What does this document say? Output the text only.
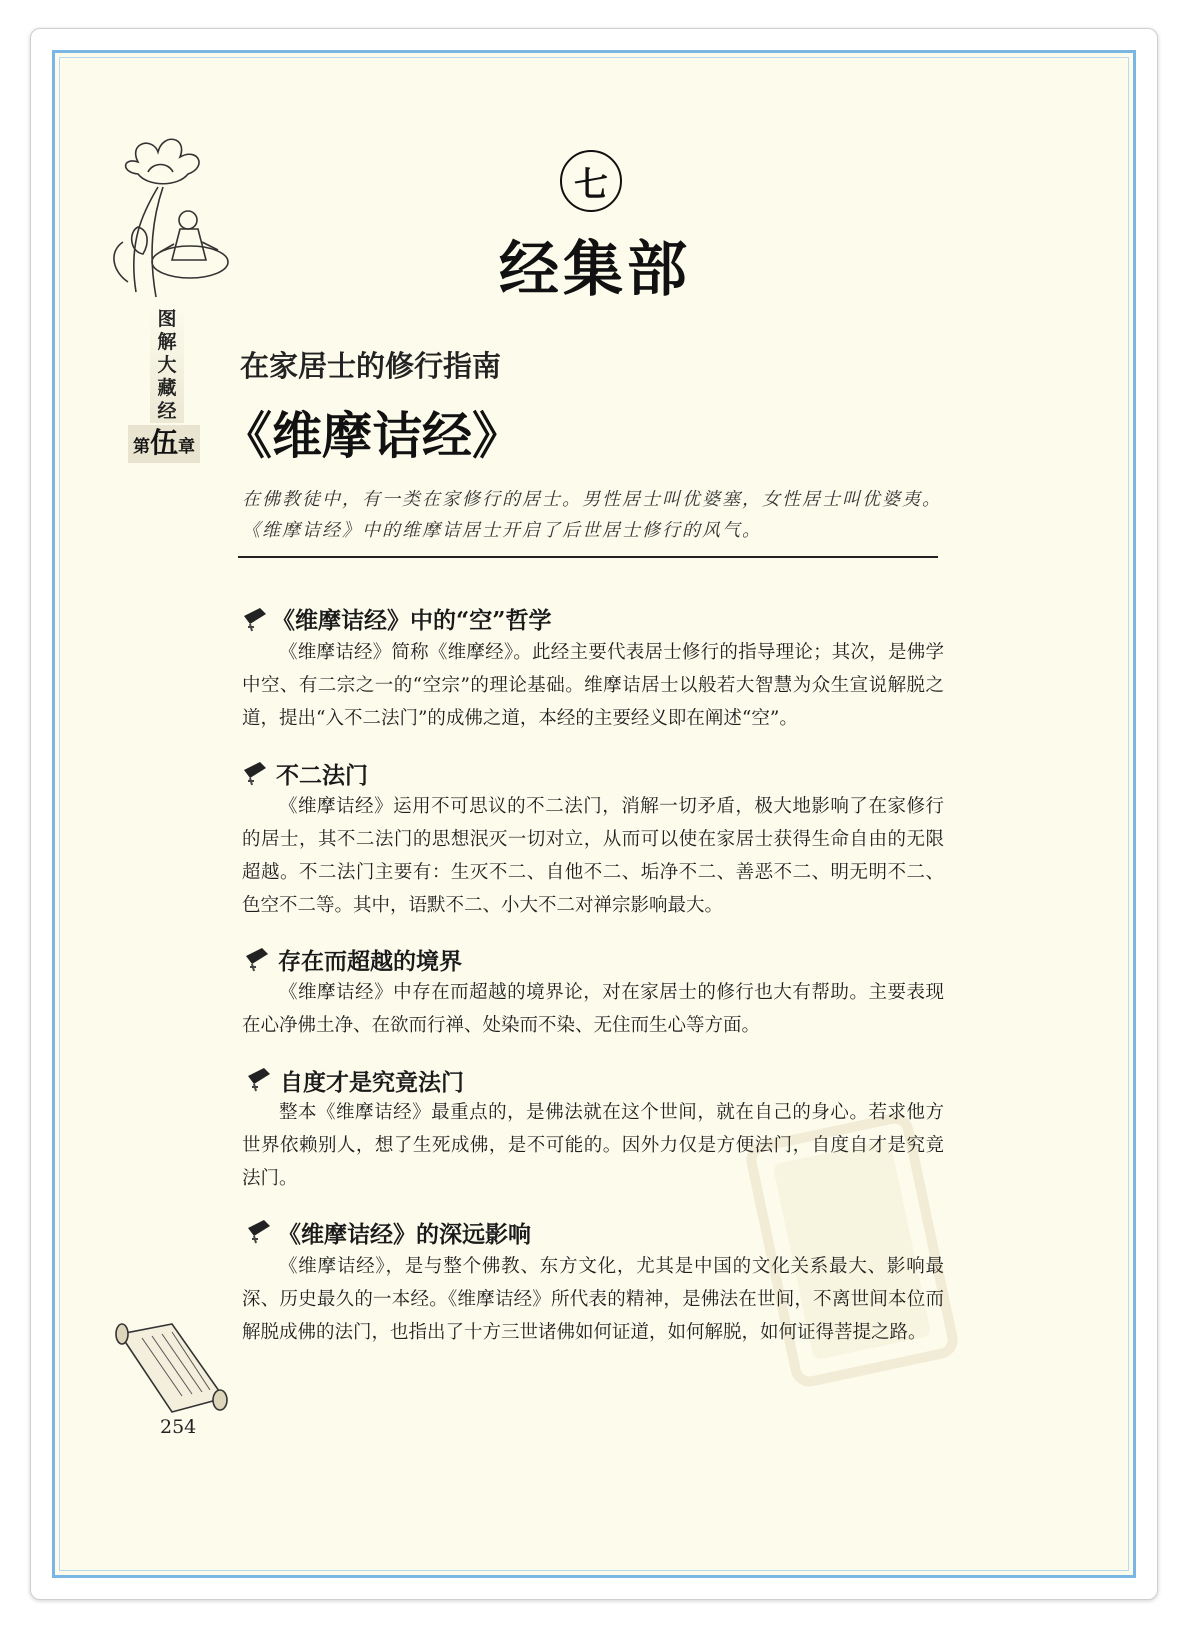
图解大藏经
第 伍 章
七
经集部
在家居士的修行指南
《维摩诘经》
在佛教徒中，有一类在家修行的居士。男性居士叫优婆塞，女性居士叫优婆夷。《维摩诘经》中的维摩诘居士开启了后世居士修行的风气。
《维摩诘经》中的“空”哲学
《维摩诘经》简称《维摩经》。此经主要代表居士修行的指导理论；其次，是佛学中空、有二宗之一的“空宗”的理论基础。维摩诘居士以般若大智慧为众生宣说解脱之道，提出“入不二法门”的成佛之道，本经的主要经义即在阐述“空”。
不二法门
《维摩诘经》运用不可思议的不二法门，消解一切矛盾，极大地影响了在家修行的居士，其不二法门的思想泯灭一切对立，从而可以使在家居士获得生命自由的无限超越。不二法门主要有：生灭不二、自他不二、垢净不二、善恶不二、明无明不二、色空不二等。其中，语默不二、小大不二对禅宗影响最大。
存在而超越的境界
《维摩诘经》中存在而超越的境界论，对在家居士的修行也大有帮助。主要表现在心净佛土净、在欲而行禅、处染而不染、无住而生心等方面。
自度才是究竟法门
整本《维摩诘经》最重点的，是佛法就在这个世间，就在自己的身心。若求他方世界依赖别人，想了生死成佛，是不可能的。因外力仅是方便法门，自度自才是究竟法门。
《维摩诘经》的深远影响
《维摩诘经》，是与整个佛教、东方文化，尤其是中国的文化关系最大、影响最深、历史最久的一本经。《维摩诘经》所代表的精神，是佛法在世间，不离世间本位而解脱成佛的法门，也指出了十方三世诸佛如何证道，如何解脱，如何证得菩提之路。
254
